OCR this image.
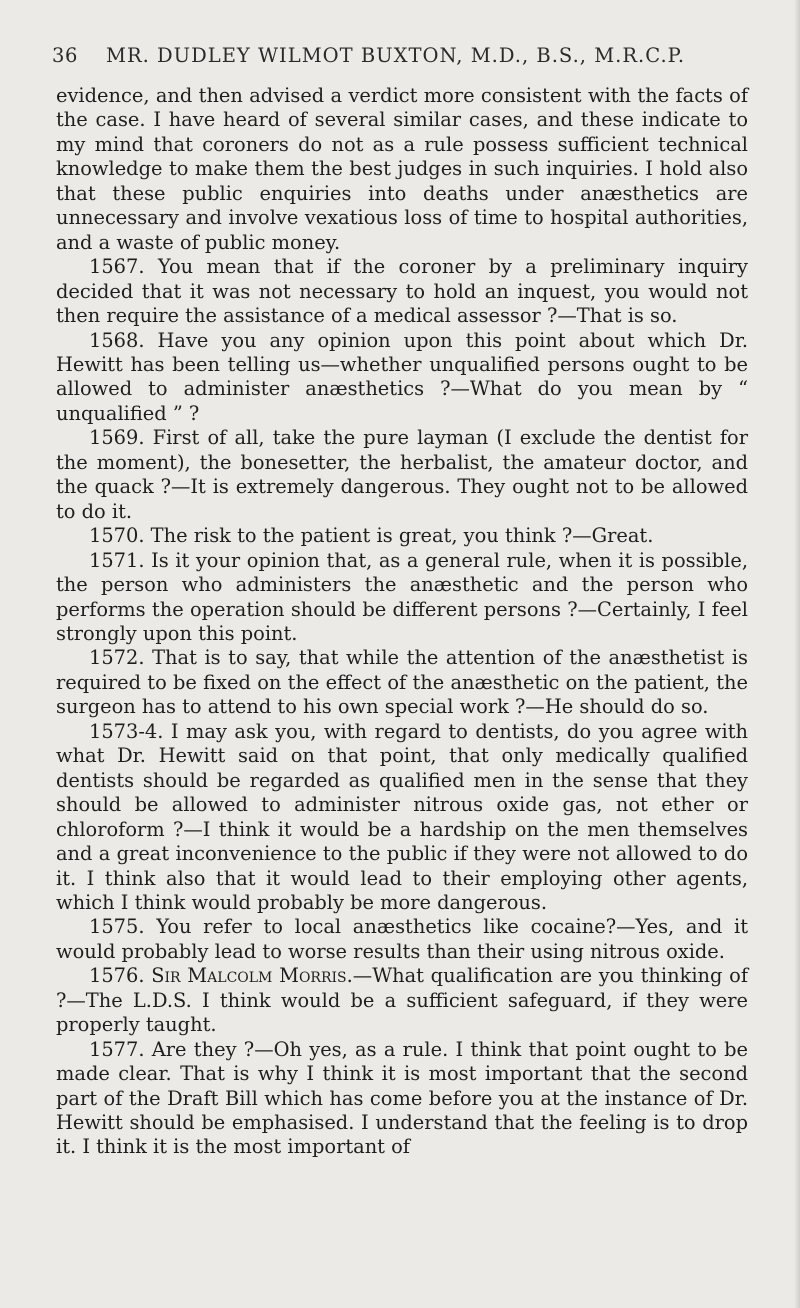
36	MR. DUDLEY WILMOT BUXTON, M.D., B.S., M.R.C.P.

evidence, and then advised a verdict more consistent with the facts of the case. I have heard of several similar cases, and these indicate to my mind that coroners do not as a rule possess sufficient technical knowledge to make them the best judges in such inquiries. I hold also that these public enquiries into deaths under anæsthetics are unnecessary and involve vexatious loss of time to hospital authorities, and a waste of public money.

1567. You mean that if the coroner by a preliminary inquiry decided that it was not necessary to hold an inquest, you would not then require the assistance of a medical assessor ?—That is so.

1568. Have you any opinion upon this point about which Dr. Hewitt has been telling us—whether unqualified persons ought to be allowed to administer anæsthetics ?—What do you mean by “ unqualified ” ?

1569. First of all, take the pure layman (I exclude the dentist for the moment), the bonesetter, the herbalist, the amateur doctor, and the quack ?—It is extremely dangerous. They ought not to be allowed to do it.

1570. The risk to the patient is great, you think ?—Great.

1571. Is it your opinion that, as a general rule, when it is possible, the person who administers the anæsthetic and the person who performs the operation should be different persons ?—Certainly, I feel strongly upon this point.

1572. That is to say, that while the attention of the anæsthetist is required to be fixed on the effect of the anæsthetic on the patient, the surgeon has to attend to his own special work ?—He should do so.

1573-4. I may ask you, with regard to dentists, do you agree with what Dr. Hewitt said on that point, that only medically qualified dentists should be regarded as qualified men in the sense that they should be allowed to administer nitrous oxide gas, not ether or chloroform ?—I think it would be a hardship on the men themselves and a great inconvenience to the public if they were not allowed to do it. I think also that it would lead to their employing other agents, which I think would probably be more dangerous.

1575. You refer to local anæsthetics like cocaine?—Yes, and it would probably lead to worse results than their using nitrous oxide.

1576. Sir Malcolm Morris.—What qualification are you thinking of ?—The L.D.S. I think would be a sufficient safeguard, if they were properly taught.

1577. Are they ?—Oh yes, as a rule. I think that point ought to be made clear. That is why I think it is most important that the second part of the Draft Bill which has come before you at the instance of Dr. Hewitt should be emphasised. I understand that the feeling is to drop it. I think it is the most important of
